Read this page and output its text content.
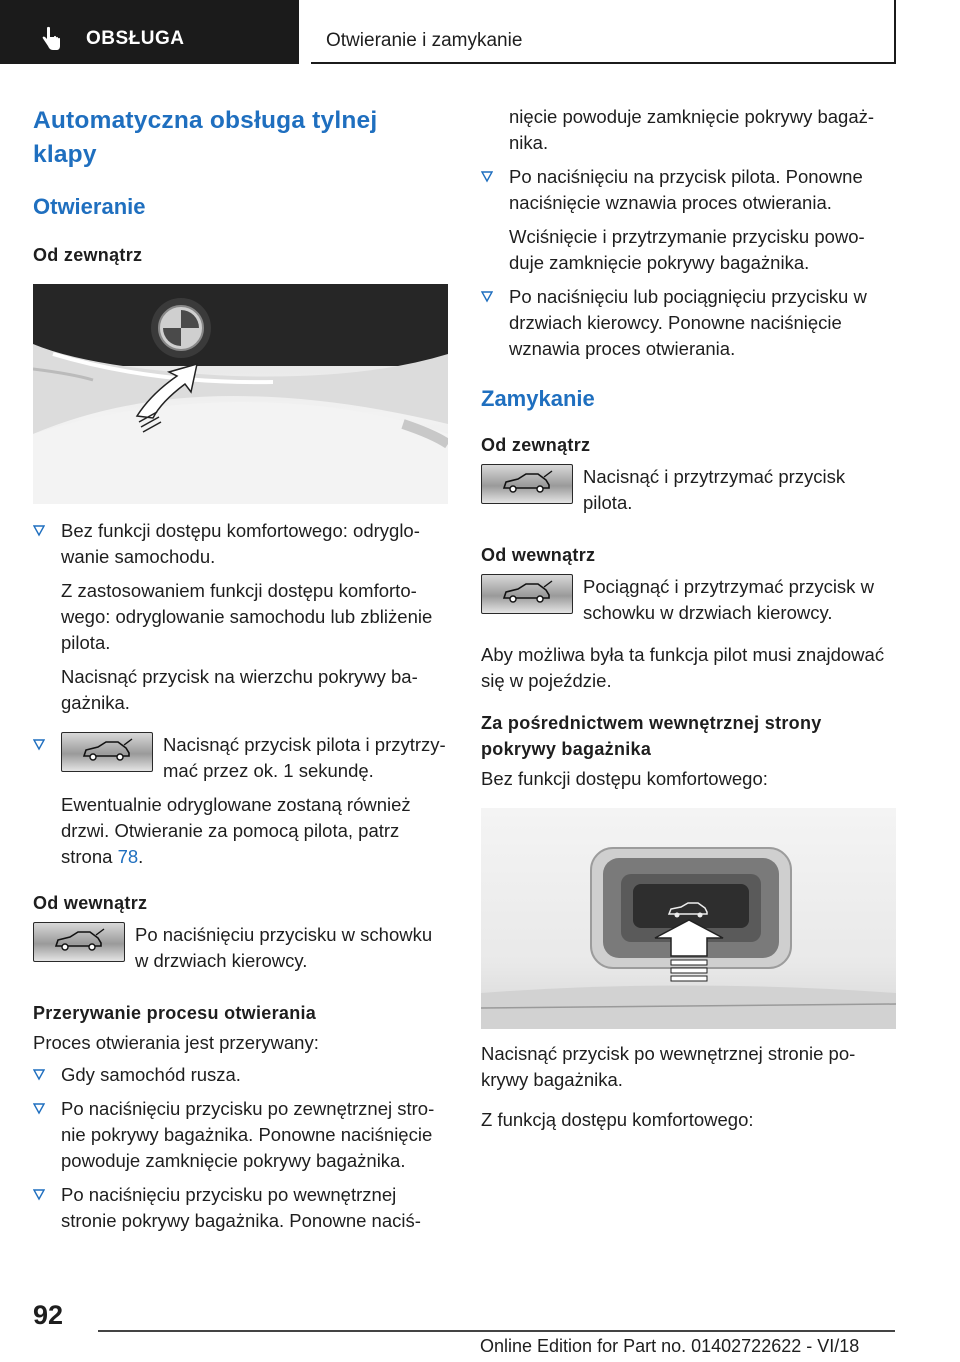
OBSŁUGA	Otwieranie i zamykanie
Automatyczna obsługa tylnej klapy
Otwieranie
Od zewnątrz

Bez funkcji dostępu komfortowego: odryglo-wanie samochodu.

Z zastosowaniem funkcji dostępu komforto-wego: odryglowanie samochodu lub zbliżenie pilota.

Nacisnąć przycisk na wierzchu pokrywy ba-gażnika.

Nacisnąć przycisk pilota i przytrzy-mać przez ok. 1 sekundę.

Ewentualnie odryglowane zostaną również drzwi. Otwieranie za pomocą pilota, patrz strona 78.

Od wewnątrz

Po naciśnięciu przycisku w schowku w drzwiach kierowcy.

Przerywanie procesu otwierania

Proces otwierania jest przerywany:

Gdy samochód rusza.

Po naciśnięciu przycisku po zewnętrznej stro-nie pokrywy bagażnika. Ponowne naciśnięcie powoduje zamknięcie pokrywy bagażnika.

Po naciśnięciu przycisku po wewnętrznej stronie pokrywy bagażnika. Ponowne naciś-

nięcie powoduje zamknięcie pokrywy bagaż-nika.

Po naciśnięciu na przycisk pilota. Ponowne naciśnięcie wznawia proces otwierania.

Wciśnięcie i przytrzymanie przycisku powo-duje zamknięcie pokrywy bagażnika.

Po naciśnięciu lub pociągnięciu przycisku w drzwiach kierowcy. Ponowne naciśnięcie wznawia proces otwierania.

Zamykanie
Od zewnątrz

Nacisnąć i przytrzymać przycisk pilota.

Od wewnątrz

Pociągnąć i przytrzymać przycisk w schowku w drzwiach kierowcy.

Aby możliwa była ta funkcja pilot musi znajdować się w pojeździe.

Za pośrednictwem wewnętrznej strony pokrywy bagażnika

Bez funkcji dostępu komfortowego:

Nacisnąć przycisk po wewnętrznej stronie po-krywy bagażnika.

Z funkcją dostępu komfortowego:

92
Online Edition for Part no. 01402722622 - VI/18
